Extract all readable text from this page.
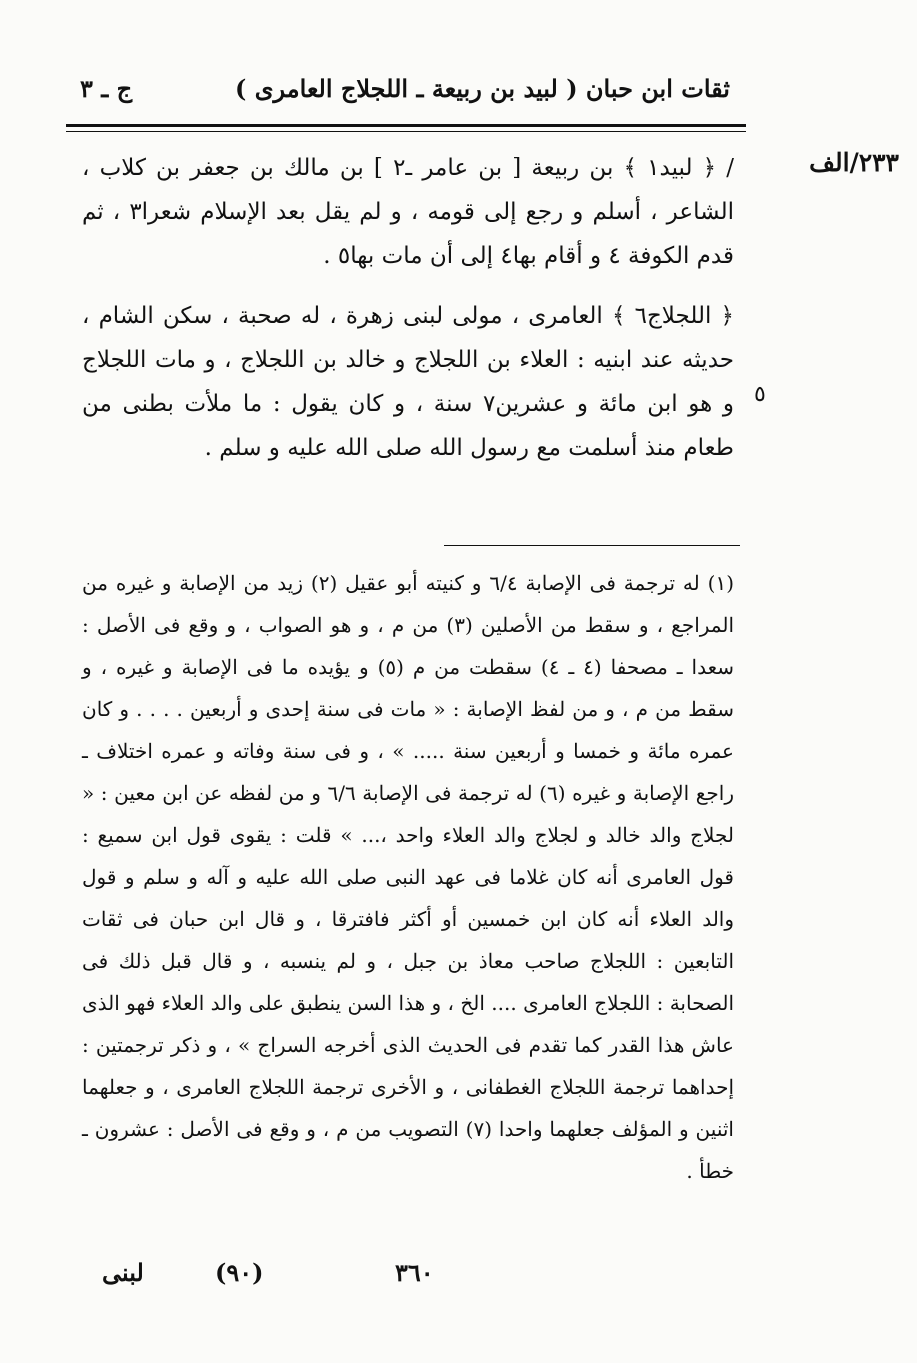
ثقات ابن حبان ( لبيد بن ربيعة ـ اللجلاج العامرى )
ج ـ ٣
٢٣٣/الف
٥

/ ﴿ لبيد١ ﴾ بن ربيعة [ بن عامر ـ٢ ] بن مالك بن جعفر بن كلاب ، الشاعر ، أسلم و رجع إلى قومه ، و لم يقل بعد الإسلام شعرا٣ ، ثم قدم الكوفة ٤ و أقام بها٤ إلى أن مات بها٥ .

﴿ اللجلاج٦ ﴾ العامرى ، مولى لبنى زهرة ، له صحبة ، سكن الشام ، حديثه عند ابنيه : العلاء بن اللجلاج و خالد بن اللجلاج ، و مات اللجلاج و هو ابن مائة و عشرين٧ سنة ، و كان يقول : ما ملأت بطنى من طعام منذ أسلمت مع رسول الله صلى الله عليه و سلم .

(١) له ترجمة فى الإصابة ٦/٤ و كنيته أبو عقيل (٢) زيد من الإصابة و غيره من المراجع ، و سقط من الأصلين (٣) من م ، و هو الصواب ، و وقع فى الأصل : سعدا ـ مصحفا (٤ ـ ٤) سقطت من م (٥) و يؤيده ما فى الإصابة و غيره ، و سقط من م ، و من لفظ الإصابة : « مات فى سنة إحدى و أربعين . . . . و كان عمره مائة و خمسا و أربعين سنة ..... » ، و فى سنة وفاته و عمره اختلاف ـ راجع الإصابة و غيره (٦) له ترجمة فى الإصابة ٦/٦ و من لفظه عن ابن معين : « لجلاج والد خالد و لجلاج والد العلاء واحد ،... » قلت : يقوى قول ابن سميع : قول العامرى أنه كان غلاما فى عهد النبى صلى الله عليه و آله و سلم و قول والد العلاء أنه كان ابن خمسين أو أكثر فافترقا ، و قال ابن حبان فى ثقات التابعين : اللجلاج صاحب معاذ بن جبل ، و لم ينسبه ، و قال قبل ذلك فى الصحابة : اللجلاج العامرى .... الخ ، و هذا السن ينطبق على والد العلاء فهو الذى عاش هذا القدر كما تقدم فى الحديث الذى أخرجه السراج » ، و ذكر ترجمتين : إحداهما ترجمة اللجلاج الغطفانى ، و الأخرى ترجمة اللجلاج العامرى ، و جعلهما اثنين و المؤلف جعلهما واحدا (٧) التصويب من م ، و وقع فى الأصل : عشرون ـ خطأ .

٣٦٠
(٩٠)
لبنى
